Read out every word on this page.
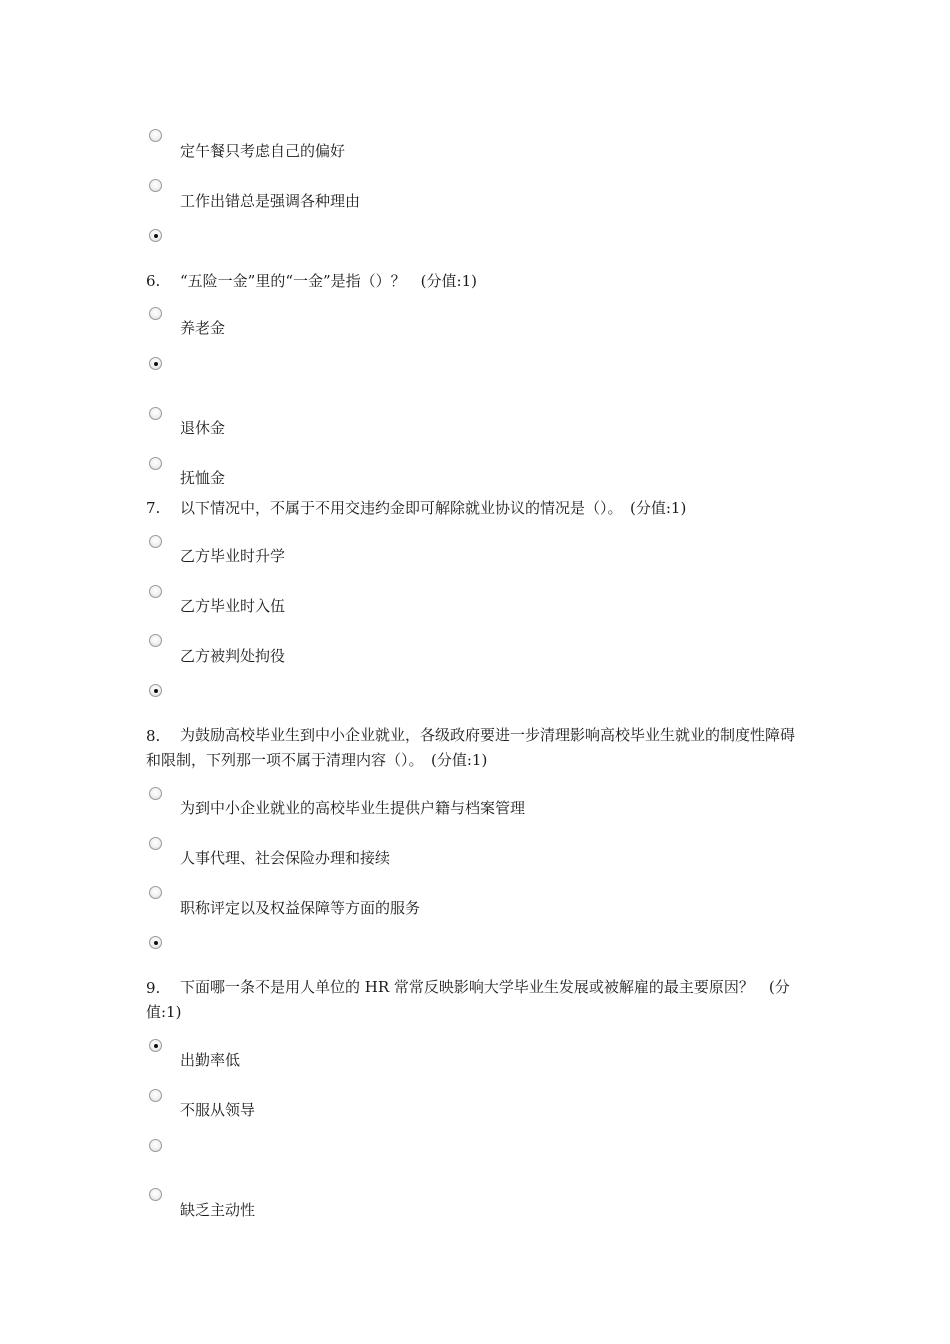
定午餐只考虑自己的偏好
工作出错总是强调各种理由
6. “五险一金”里的“一金”是指（）？　(分值:1)
养老金
退休金
抚恤金
7. 以下情况中，不属于不用交违约金即可解除就业协议的情况是（）。　(分值:1)
乙方毕业时升学
乙方毕业时入伍
乙方被判处拘役
8.	为鼓励高校毕业生到中小企业就业，各级政府要进一步清理影响高校毕业生就业的制度性障碍和限制，下列那一项不属于清理内容（）。　(分值:1)
为到中小企业就业的高校毕业生提供户籍与档案管理
人事代理、社会保险办理和接续
职称评定以及权益保障等方面的服务
9.	下面哪一条不是用人单位的 HR 常常反映影响大学毕业生发展或被解雇的最主要原因？　(分值:1)
出勤率低
不服从领导
缺乏主动性
